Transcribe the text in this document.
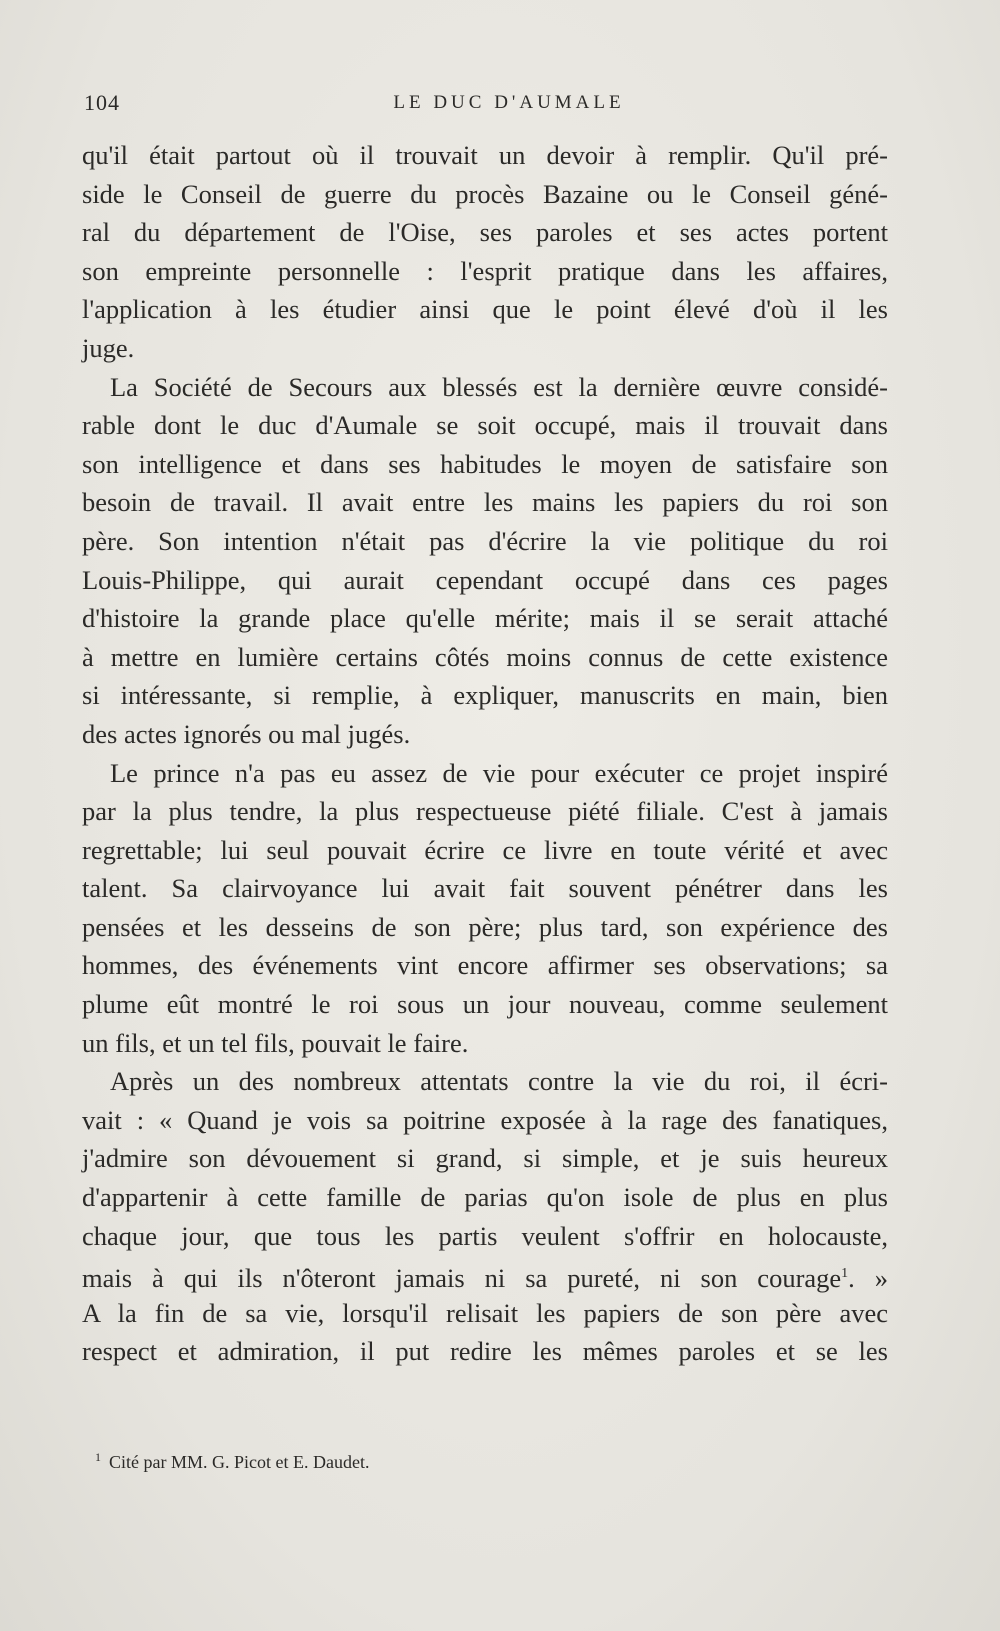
104	LE DUC D'AUMALE
qu'il était partout où il trouvait un devoir à remplir. Qu'il pré-
side le Conseil de guerre du procès Bazaine ou le Conseil géné-
ral du département de l'Oise, ses paroles et ses actes portent
son empreinte personnelle : l'esprit pratique dans les affaires,
l'application à les étudier ainsi que le point élevé d'où il les
juge.
La Société de Secours aux blessés est la dernière œuvre considé-
rable dont le duc d'Aumale se soit occupé, mais il trouvait dans
son intelligence et dans ses habitudes le moyen de satisfaire son
besoin de travail. Il avait entre les mains les papiers du roi son
père. Son intention n'était pas d'écrire la vie politique du roi
Louis-Philippe, qui aurait cependant occupé dans ces pages
d'histoire la grande place qu'elle mérite; mais il se serait attaché
à mettre en lumière certains côtés moins connus de cette existence
si intéressante, si remplie, à expliquer, manuscrits en main, bien
des actes ignorés ou mal jugés.
Le prince n'a pas eu assez de vie pour exécuter ce projet inspiré
par la plus tendre, la plus respectueuse piété filiale. C'est à jamais
regrettable; lui seul pouvait écrire ce livre en toute vérité et avec
talent. Sa clairvoyance lui avait fait souvent pénétrer dans les
pensées et les desseins de son père; plus tard, son expérience des
hommes, des événements vint encore affirmer ses observations; sa
plume eût montré le roi sous un jour nouveau, comme seulement
un fils, et un tel fils, pouvait le faire.
Après un des nombreux attentats contre la vie du roi, il écri-
vait : « Quand je vois sa poitrine exposée à la rage des fanatiques,
j'admire son dévouement si grand, si simple, et je suis heureux
d'appartenir à cette famille de parias qu'on isole de plus en plus
chaque jour, que tous les partis veulent s'offrir en holocauste,
mais à qui ils n'ôteront jamais ni sa pureté, ni son courage$^1$. »
A la fin de sa vie, lorsqu'il relisait les papiers de son père avec
respect et admiration, il put redire les mêmes paroles et se les
$^1$ Cité par MM. G. Picot et E. Daudet.
